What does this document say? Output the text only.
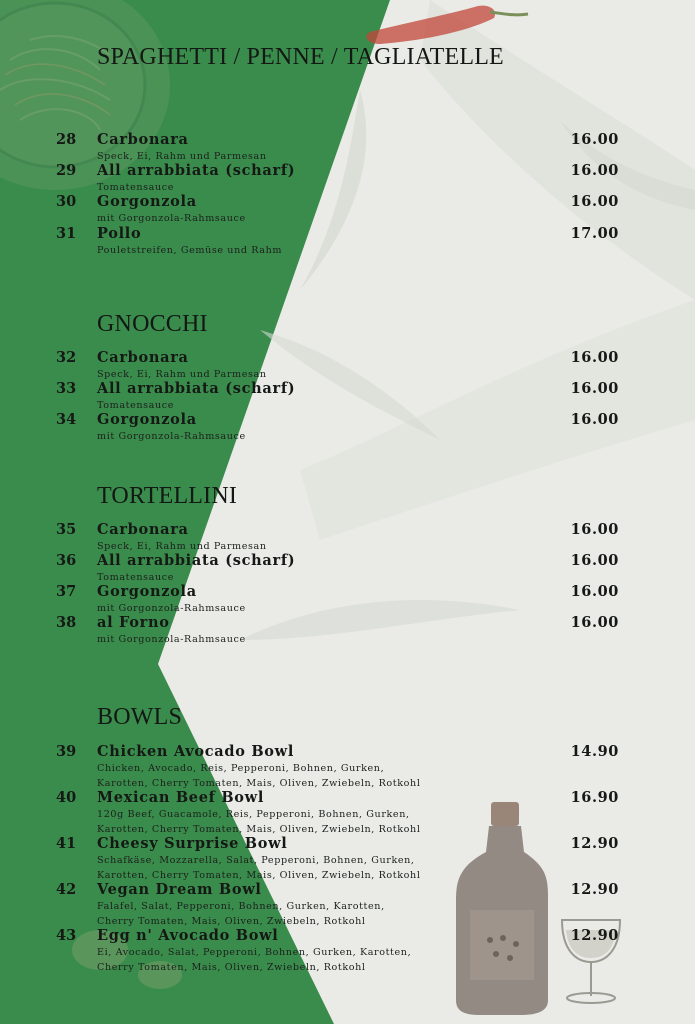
SPAGHETTI / PENNE / TAGLIATELLE
28 Carbonara
Speck, Ei, Rahm und Parmesan
16.00
29 All arrabbiata (scharf)
Tomatensauce
16.00
30 Gorgonzola
mit Gorgonzola-Rahmsauce
16.00
31 Pollo
Pouletstreifen, Gemüse und Rahm
17.00
GNOCCHI
32 Carbonara
Speck, Ei, Rahm und Parmesan
16.00
33 All arrabbiata (scharf)
Tomatensauce
16.00
34 Gorgonzola
mit Gorgonzola-Rahmsauce
16.00
TORTELLINI
35 Carbonara
Speck, Ei, Rahm und Parmesan
16.00
36 All arrabbiata (scharf)
Tomatensauce
16.00
37 Gorgonzola
mit Gorgonzola-Rahmsauce
16.00
38 al Forno
mit Gorgonzola-Rahmsauce
16.00
BOWLS
39 Chicken Avocado Bowl
Chicken, Avocado, Reis, Pepperoni, Bohnen, Gurken,
Karotten, Cherry Tomaten, Mais, Oliven, Zwiebeln, Rotkohl
14.90
40 Mexican Beef Bowl
120g Beef, Guacamole, Reis, Pepperoni, Bohnen, Gurken,
Karotten, Cherry Tomaten, Mais, Oliven, Zwiebeln, Rotkohl
16.90
41 Cheesy Surprise Bowl
Schafkäse, Mozzarella, Salat, Pepperoni, Bohnen, Gurken,
Karotten, Cherry Tomaten, Mais, Oliven, Zwiebeln, Rotkohl
12.90
42 Vegan Dream Bowl
Falafel, Salat, Pepperoni, Bohnen, Gurken, Karotten,
Cherry Tomaten, Mais, Oliven, Zwiebeln, Rotkohl
12.90
43 Egg n' Avocado Bowl
Ei, Avocado, Salat, Pepperoni, Bohnen, Gurken, Karotten,
Cherry Tomaten, Mais, Oliven, Zwiebeln, Rotkohl
12.90
